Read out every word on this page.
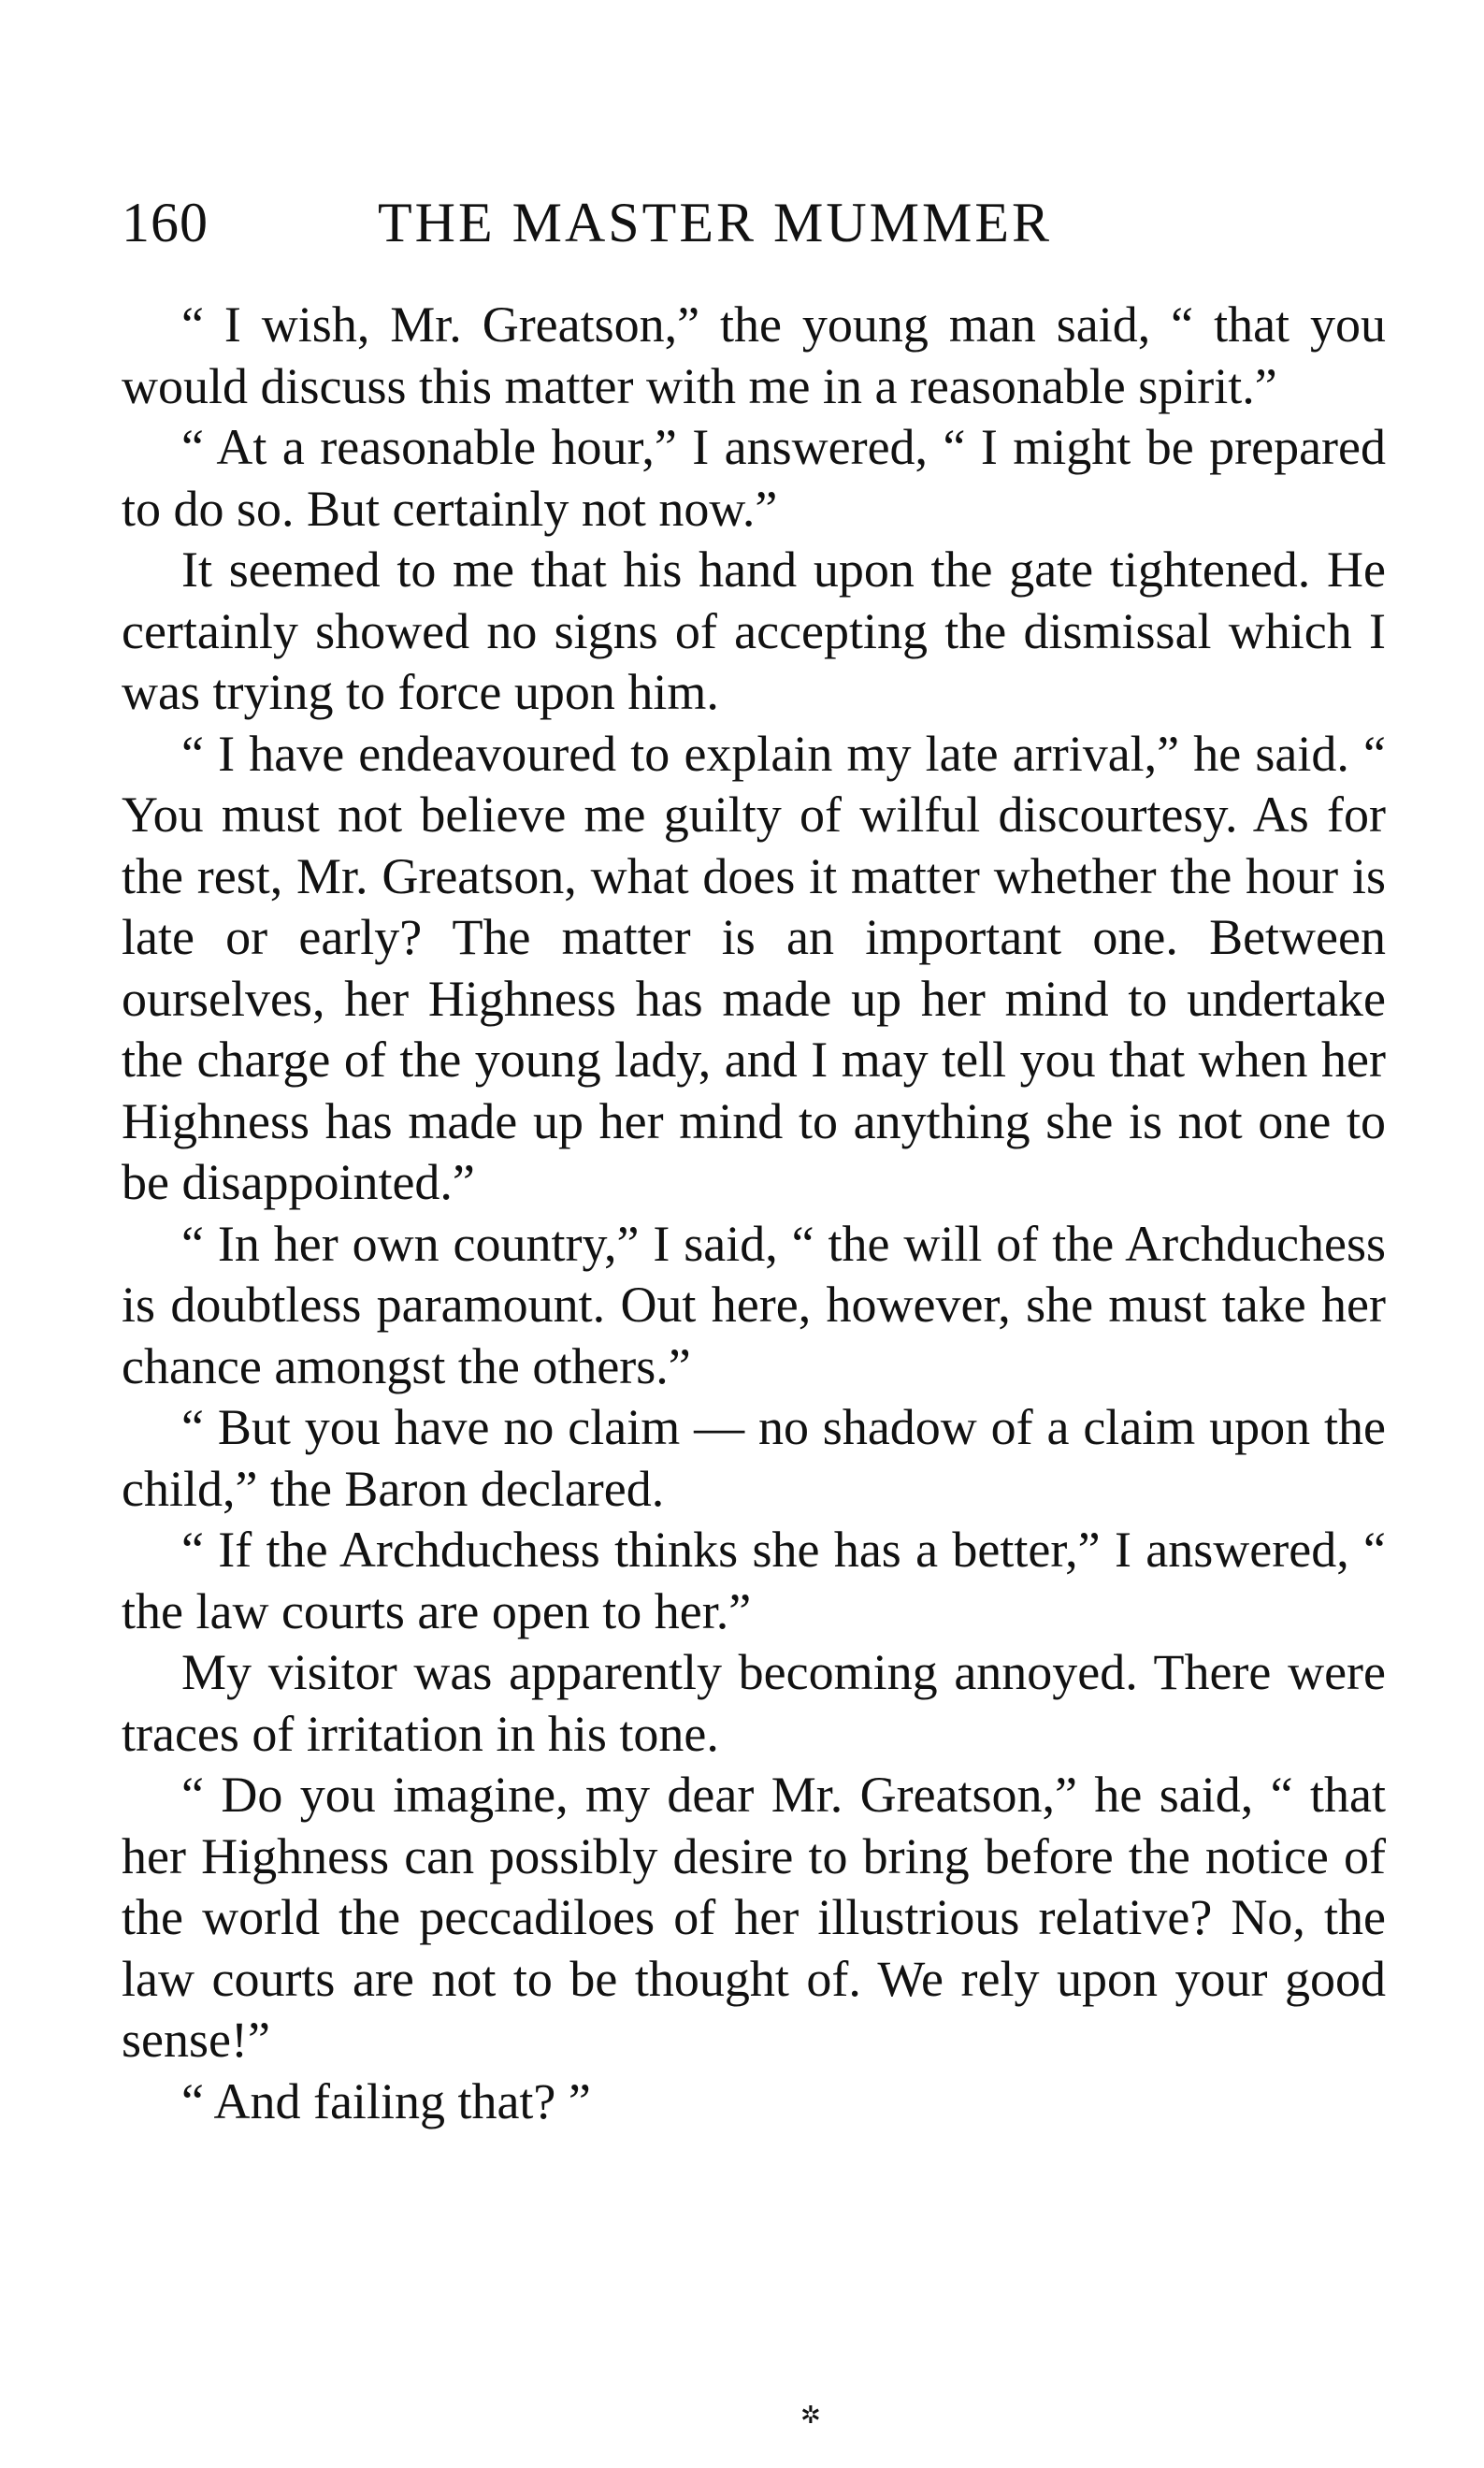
160	THE MASTER MUMMER

“ I wish, Mr. Greatson,” the young man said, “ that you would discuss this matter with me in a reasonable spirit.”

“ At a reasonable hour,” I answered, “ I might be prepared to do so. But certainly not now.”

It seemed to me that his hand upon the gate tightened. He certainly showed no signs of accepting the dismissal which I was trying to force upon him.

“ I have endeavoured to explain my late arrival,” he said. “ You must not believe me guilty of wilful discourtesy. As for the rest, Mr. Greatson, what does it matter whether the hour is late or early? The matter is an important one. Between ourselves, her Highness has made up her mind to undertake the charge of the young lady, and I may tell you that when her Highness has made up her mind to anything she is not one to be disappointed.”

“ In her own country,” I said, “ the will of the Archduchess is doubtless paramount. Out here, however, she must take her chance amongst the others.”

“ But you have no claim — no shadow of a claim upon the child,” the Baron declared.

“ If the Archduchess thinks she has a better,” I answered, “ the law courts are open to her.”

My visitor was apparently becoming annoyed. There were traces of irritation in his tone.

“ Do you imagine, my dear Mr. Greatson,” he said, “ that her Highness can possibly desire to bring before the notice of the world the peccadiloes of her illustrious relative? No, the law courts are not to be thought of. We rely upon your good sense!”

“ And failing that? ”

✲
